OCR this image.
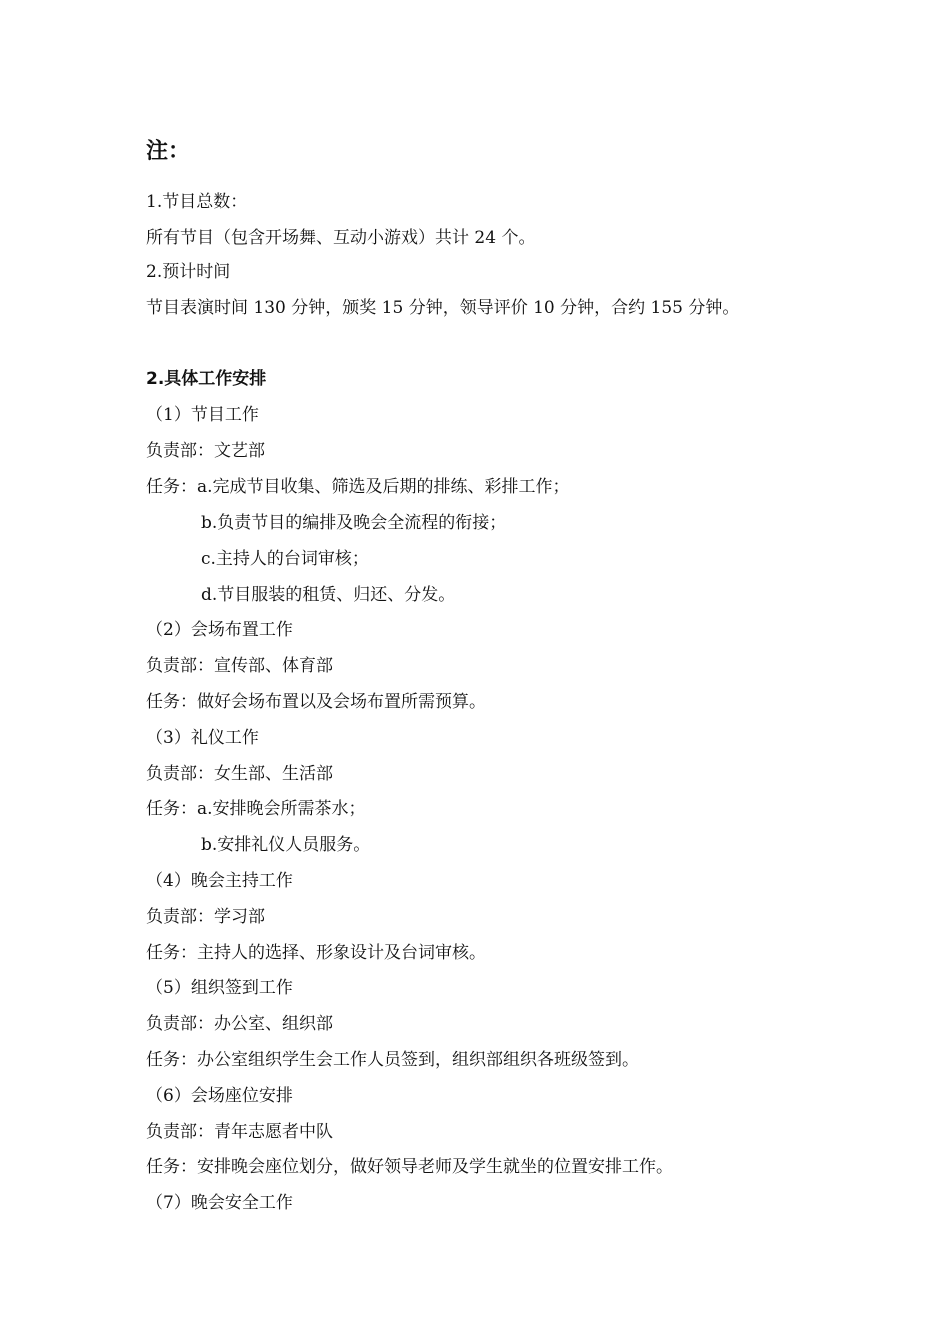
注：
1.节目总数：
所有节目（包含开场舞、互动小游戏）共计 24 个。
2.预计时间
节目表演时间 130 分钟，颁奖 15 分钟，领导评价 10 分钟，合约 155 分钟。
2.具体工作安排
（1）节目工作
负责部：文艺部
任务：a.完成节目收集、筛选及后期的排练、彩排工作；
b.负责节目的编排及晚会全流程的衔接；
c.主持人的台词审核；
d.节目服装的租赁、归还、分发。
（2）会场布置工作
负责部：宣传部、体育部
任务：做好会场布置以及会场布置所需预算。
（3）礼仪工作
负责部：女生部、生活部
任务：a.安排晚会所需茶水；
b.安排礼仪人员服务。
（4）晚会主持工作
负责部：学习部
任务：主持人的选择、形象设计及台词审核。
（5）组织签到工作
负责部：办公室、组织部
任务：办公室组织学生会工作人员签到，组织部组织各班级签到。
（6）会场座位安排
负责部：青年志愿者中队
任务：安排晚会座位划分，做好领导老师及学生就坐的位置安排工作。
（7）晚会安全工作
